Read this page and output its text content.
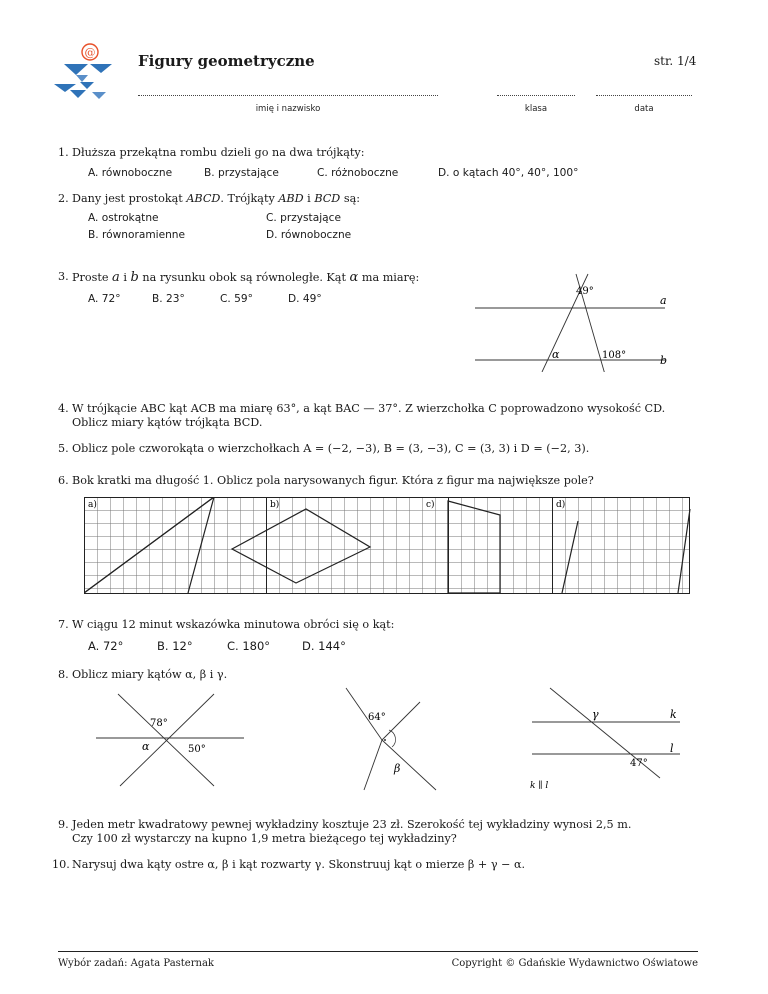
@	Figury geometryczne	str. 1/4
imię i nazwisko	klasa	data
1. Dłuższa przekątna rombu dzieli go na dwa trójkąty:
A. równoboczne	B. przystające	C. różnoboczne	D. o kątach 40°, 40°, 100°
2. Dany jest prostokąt ABCD. Trójkąty ABD i BCD są:
A. ostrokątne
B. równoramienne
C. przystające
D. równoboczne
3. Proste a i b na rysunku obok są równoległe. Kąt α ma miarę:
A. 72°	B. 23°	C. 59°	D. 49°
49°
108°
α
a
b
4. W trójkącie ABC kąt ACB ma miarę 63°, a kąt BAC — 37°. Z wierzchołka C poprowadzono wysokość CD.
Oblicz miary kątów trójkąta BCD.
5. Oblicz pole czworokąta o wierzchołkach A = (−2, −3), B = (3, −3), C = (3, 3) i D = (−2, 3).
6. Bok kratki ma długość 1. Oblicz pola narysowanych figur. Która z figur ma największe pole?
a)	b)	c)	d)
7. W ciągu 12 minut wskazówka minutowa obróci się o kąt:
A. 72°	B. 12°	C. 180°	D. 144°
8. Oblicz miary kątów α, β i γ.
78°
α	50°
64°
β
γ	k
l
47°
k ∥ l
9. Jeden metr kwadratowy pewnej wykładziny kosztuje 23 zł. Szerokość tej wykładziny wynosi 2,5 m.
Czy 100 zł wystarczy na kupno 1,9 metra bieżącego tej wykładziny?
10. Narysuj dwa kąty ostre α, β i kąt rozwarty γ. Skonstruuj kąt o mierze β + γ − α.
Wybór zadań: Agata Pasternak	Copyright © Gdańskie Wydawnictwo Oświatowe
